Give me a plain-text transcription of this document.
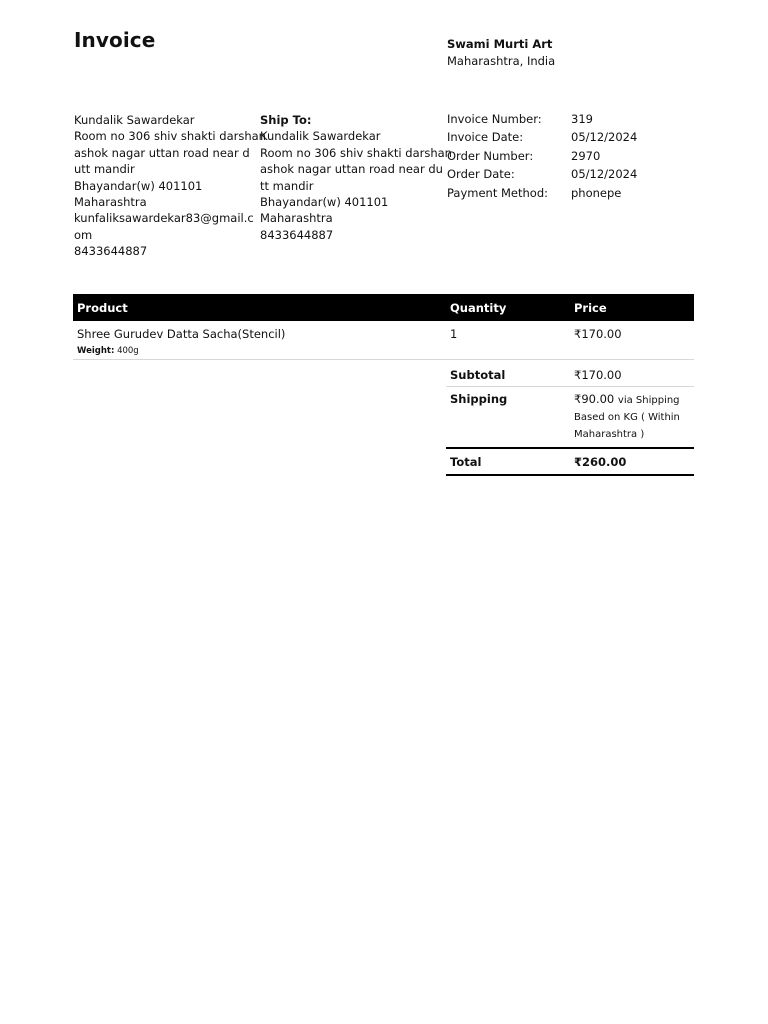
Invoice	Swami Murti Art
Maharashtra, India
Kundalik Sawardekar
Room no 306 shiv shakti darshan
ashok nagar uttan road near dutt mandir
Bhayandar(w) 401101
Maharashtra
kunfaliksawardekar83@gmail.com
8433644887
Ship To:
Kundalik Sawardekar
Room no 306 shiv shakti darshan
ashok nagar uttan road near dutt mandir
Bhayandar(w) 401101
Maharashtra
8433644887
Invoice Number:	319
Invoice Date:	05/12/2024
Order Number:	2970
Order Date:	05/12/2024
Payment Method:	phonepe
Product	Quantity	Price

Shree Gurudev Datta Sacha(Stencil)
Weight: 400g	1	₹170.00
Subtotal	₹170.00
Shipping	₹90.00 via Shipping Based on KG ( Within Maharashtra )
Total	₹260.00
